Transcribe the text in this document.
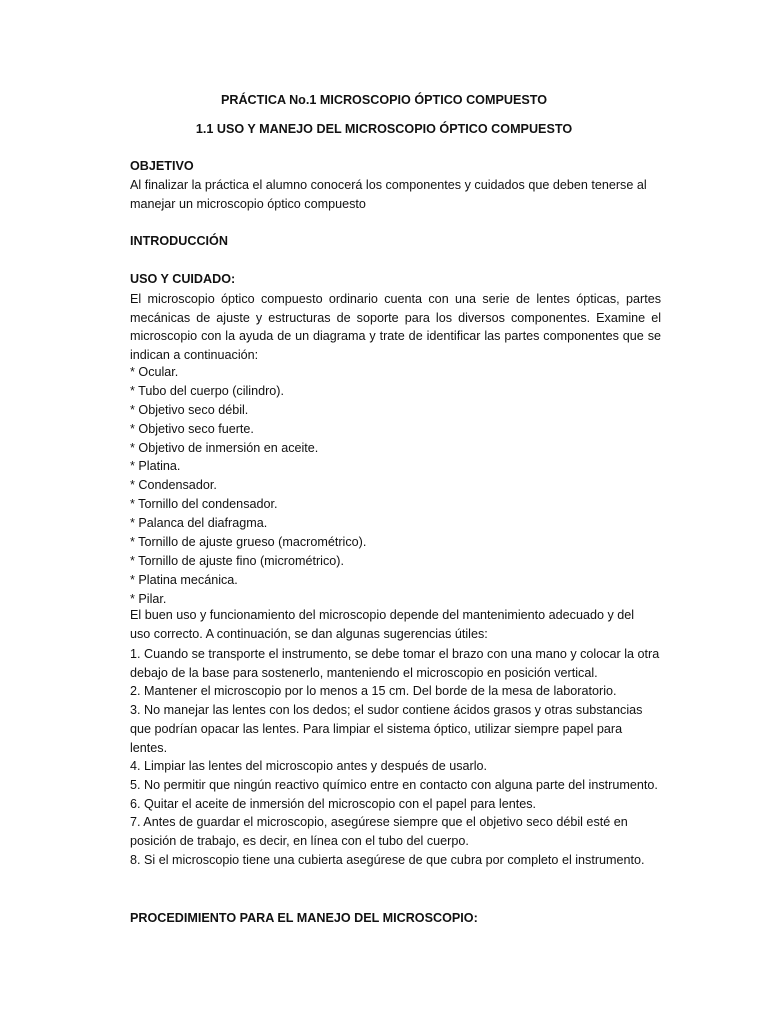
PRÁCTICA No.1 MICROSCOPIO ÓPTICO COMPUESTO
1.1 USO Y MANEJO DEL MICROSCOPIO ÓPTICO COMPUESTO
OBJETIVO
Al finalizar la práctica el alumno conocerá los componentes y cuidados que deben tenerse al
manejar un microscopio óptico compuesto
INTRODUCCIÓN
USO Y CUIDADO:
El microscopio óptico compuesto ordinario cuenta con una serie de lentes ópticas, partes mecánicas de ajuste y estructuras de soporte para los diversos componentes. Examine el microscopio con la ayuda de un diagrama y trate de identificar las partes componentes que se indican a continuación:
* Ocular.
* Tubo del cuerpo (cilindro).
* Objetivo seco débil.
* Objetivo seco fuerte.
* Objetivo de inmersión en aceite.
* Platina.
* Condensador.
* Tornillo del condensador.
* Palanca del diafragma.
* Tornillo de ajuste grueso (macrométrico).
* Tornillo de ajuste fino (micrométrico).
* Platina mecánica.
* Pilar.
El buen uso y funcionamiento del microscopio depende del mantenimiento adecuado y del
uso correcto. A continuación, se dan algunas sugerencias útiles:
1. Cuando se transporte el instrumento, se debe tomar el brazo con una mano y colocar la otra debajo de la base para sostenerlo, manteniendo el microscopio en posición vertical.
2. Mantener el microscopio por lo menos a 15 cm. Del borde de la mesa de laboratorio.
3. No manejar las lentes con los dedos; el sudor contiene ácidos grasos y otras substancias que podrían opacar las lentes. Para limpiar el sistema óptico, utilizar siempre papel para lentes.
4. Limpiar las lentes del microscopio antes y después de usarlo.
5. No permitir que ningún reactivo químico entre en contacto con alguna parte del instrumento.
6. Quitar el aceite de inmersión del microscopio con el papel para lentes.
7. Antes de guardar el microscopio, asegúrese siempre que el objetivo seco débil esté en posición de trabajo, es decir, en línea con el tubo del cuerpo.
8. Si el microscopio tiene una cubierta asegúrese de que cubra por completo el instrumento.
PROCEDIMIENTO PARA EL MANEJO DEL MICROSCOPIO:
